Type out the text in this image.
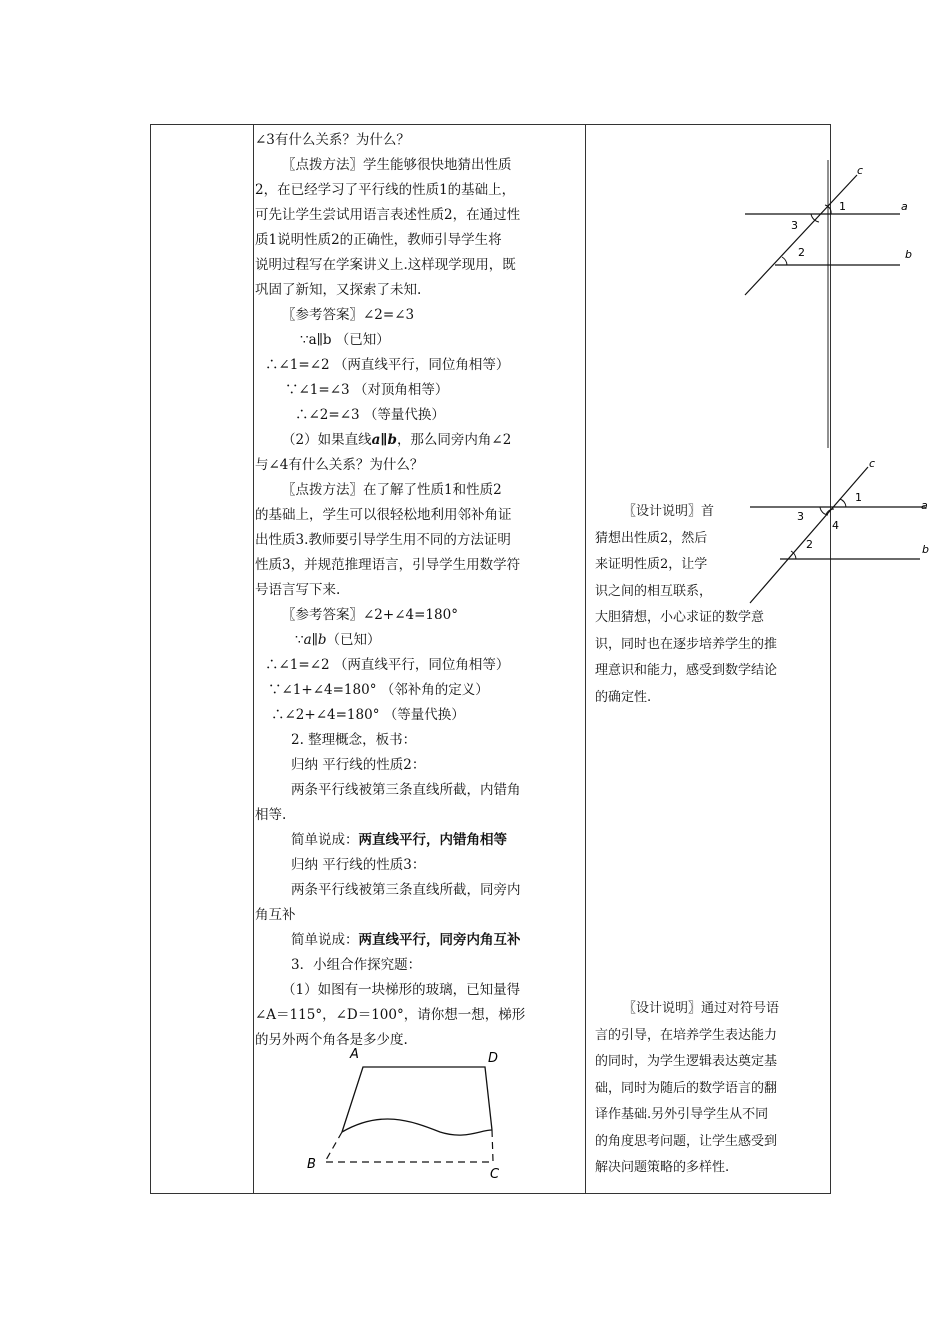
∠3有什么关系？为什么？
〖点拨方法〗学生能够很快地猜出性质
2，在已经学习了平行线的性质1的基础上，
可先让学生尝试用语言表述性质2，在通过性
质1说明性质2的正确性，教师引导学生将
说明过程写在学案讲义上.这样现学现用，既
巩固了新知，又探索了未知.
〖参考答案〗∠2=∠3
∵a∥b （已知）
∴∠1=∠2 （两直线平行，同位角相等）
∵∠1=∠3 （对顶角相等）
∴∠2=∠3 （等量代换）
（2）如果直线a∥b，那么同旁内角∠2
与∠4有什么关系？为什么？
〖点拨方法〗在了解了性质1和性质2
的基础上，学生可以很轻松地利用邻补角证
出性质3.教师要引导学生用不同的方法证明
性质3，并规范推理语言，引导学生用数学符
号语言写下来.
〖参考答案〗∠2+∠4=180°
∵a∥b（已知）
∴∠1=∠2 （两直线平行，同位角相等）
∵∠1+∠4=180° （邻补角的定义）
∴∠2+∠4=180° （等量代换）
2. 整理概念，板书：
归纳 平行线的性质2：
两条平行线被第三条直线所截，内错角
相等.
简单说成：两直线平行，内错角相等
归纳 平行线的性质3：
两条平行线被第三条直线所截，同旁内
角互补
简单说成：两直线平行，同旁内角互补
3．小组合作探究题：
（1）如图有一块梯形的玻璃，已知量得
∠A＝115°，∠D＝100°，请你想一想，梯形
的另外两个角各是多少度.
〖设计说明〗首
猜想出性质2，然后
来证明性质2，让学
识之间的相互联系，
大胆猜想，小心求证的数学意
识，同时也在逐步培养学生的推
理意识和能力，感受到数学结论
的确定性.
〖设计说明〗通过对符号语
言的引导，在培养学生表达能力
的同时，为学生逻辑表达奠定基
础，同时为随后的数学语言的翻
译作基础.另外引导学生从不同
的角度思考问题，让学生感受到
解决问题策略的多样性.
c
a
b
1
3
2
c
a
b
1
3
4
2
A	D
B
C
